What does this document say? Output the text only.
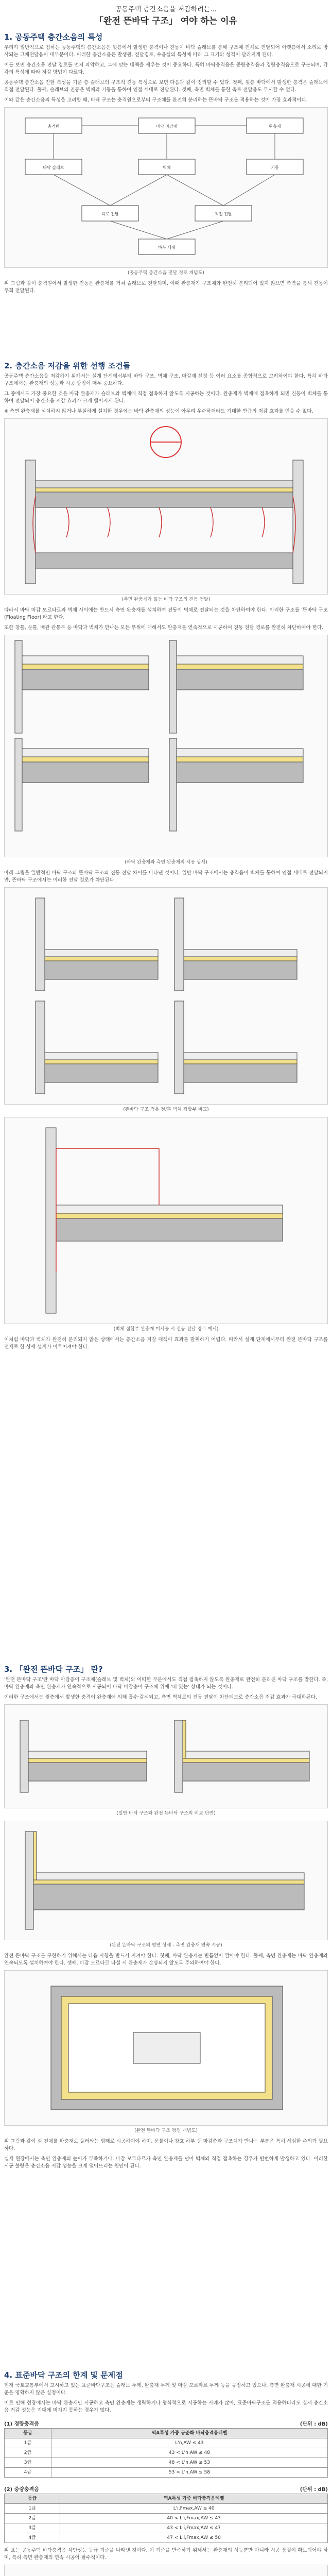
공동주택 층간소음을 저감하려는...

「완전 뜬바닥 구조」 여야 하는 이유

1. 공동주택 층간소음의 특성

우리가 일반적으로 접하는 공동주택의 층간소음은 윗층에서 발생한 충격이나 진동이 바닥 슬래브를 통해 구조체 전체로 전달되어 아랫층에서 소리로 방사되는 고체전달음이 대부분이다. 이러한 층간소음은 발생원, 전달경로, 수음실의 특성에 따라 그 크기와 성격이 달라지게 된다.

이를 보면 층간소음 전달 경로를 먼저 파악하고, 그에 맞는 대책을 세우는 것이 중요하다. 특히 바닥충격음은 중량충격음과 경량충격음으로 구분되며, 각각의 특성에 따라 저감 방법이 다르다.

공동주택 층간소음 전달 특성을 기준 층 슬래브의 구조적 진동 특성으로 보면 다음과 같이 정리할 수 있다. 첫째, 윗층 바닥에서 발생한 충격은 슬래브에 직접 전달된다. 둘째, 슬래브의 진동은 벽체와 기둥을 통하여 인접 세대로 전달된다. 셋째, 측면 벽체를 통한 측로 전달음도 무시할 수 없다.

이와 같은 층간소음의 특성을 고려할 때, 바닥 구조는 충격원으로부터 구조체를 완전히 분리하는 뜬바닥 구조를 적용하는 것이 가장 효과적이다.

충격원	바닥 마감재	완충재
바닥 슬래브	벽체	기둥
측로 전달	직접 전달
하부 세대

(공동주택 층간소음 전달 경로 개념도)

위 그림과 같이 충격원에서 발생한 진동은 완충재를 거쳐 슬래브로 전달되며, 이때 완충재가 구조체와 완전히 분리되어 있지 않으면 측벽을 통해 진동이 우회 전달된다.

2. 층간소음 저감을 위한 선행 조건들

공동주택 층간소음을 저감하기 위해서는 설계 단계에서부터 바닥 구조, 벽체 구조, 마감재 선정 등 여러 요소를 종합적으로 고려하여야 한다. 특히 바닥 구조에서는 완충재의 성능과 시공 방법이 매우 중요하다.

그 중에서도 가장 중요한 것은 바닥 완충재가 슬래브와 벽체에 직접 접촉하지 않도록 시공하는 것이다. 완충재가 벽체에 접촉하게 되면 진동이 벽체를 통하여 전달되어 층간소음 저감 효과가 크게 떨어지게 된다.

※ 측면 완충재를 설치하지 않거나 부실하게 설치한 경우에는 바닥 완충재의 성능이 아무리 우수하더라도 기대한 만큼의 저감 효과를 얻을 수 없다.

(측면 완충재가 없는 바닥 구조의 진동 전달)

따라서 바닥 마감 모르타르와 벽체 사이에는 반드시 측면 완충재를 설치하여 진동이 벽체로 전달되는 것을 차단하여야 한다. 이러한 구조를 '뜬바닥 구조(Floating Floor)'라고 한다.

또한 창틀, 문틀, 배관 관통부 등 바닥과 벽체가 만나는 모든 부위에 대해서도 완충재를 연속적으로 시공하여 진동 전달 경로를 완전히 차단하여야 한다.

(바닥 완충재와 측면 완충재의 시공 상세)

아래 그림은 일반적인 바닥 구조와 뜬바닥 구조의 진동 전달 차이를 나타낸 것이다. 일반 바닥 구조에서는 충격음이 벽체를 통하여 인접 세대로 전달되지만, 뜬바닥 구조에서는 이러한 전달 경로가 차단된다.

(뜬바닥 구조 적용 전/후 벽체 접합부 비교)

(벽체 접합부 완충재 미시공 시 진동 전달 경로 예시)

이처럼 바닥과 벽체가 완전히 분리되지 않은 상태에서는 층간소음 저감 대책이 효과를 발휘하기 어렵다. 따라서 설계 단계에서부터 완전 뜬바닥 구조를 전제로 한 상세 설계가 이루어져야 한다.

3. 「완전 뜬바닥 구조」 란?

'완전 뜬바닥 구조'란 바닥 마감층이 구조체(슬래브 및 벽체)와 어떠한 부분에서도 직접 접촉하지 않도록 완충재로 완전히 분리된 바닥 구조를 말한다. 즉, 바닥 완충재와 측면 완충재가 연속적으로 시공되어 바닥 마감층이 구조체 위에 '떠 있는' 상태가 되는 것이다.

이러한 구조에서는 윗층에서 발생한 충격이 완충재에 의해 흡수·감쇠되고, 측면 벽체로의 진동 전달이 차단되므로 층간소음 저감 효과가 극대화된다.

(일반 바닥 구조와 완전 뜬바닥 구조의 비교 단면)

(완전 뜬바닥 구조의 평면 상세 - 측면 완충재 연속 시공)

완전 뜬바닥 구조를 구현하기 위해서는 다음 사항을 반드시 지켜야 한다. 첫째, 바닥 완충재는 빈틈없이 깔아야 한다. 둘째, 측면 완충재는 바닥 완충재와 연속되도록 설치하여야 한다. 셋째, 마감 모르타르 타설 시 완충재가 손상되지 않도록 주의하여야 한다.

(완전 뜬바닥 구조 평면 개념도)

위 그림과 같이 실 전체를 완충재로 둘러싸는 형태로 시공하여야 하며, 문틀이나 창호 하부 등 마감층과 구조체가 만나는 부분은 특히 세심한 주의가 필요하다.

실제 현장에서는 측면 완충재의 높이가 부족하거나, 마감 모르타르가 측면 완충재를 넘어 벽체와 직접 접촉하는 경우가 빈번하게 발생하고 있다. 이러한 시공 불량은 층간소음 저감 성능을 크게 떨어뜨리는 원인이 된다.

4. 표준바닥 구조의 한계 및 문제점

현재 국토교통부에서 고시하고 있는 표준바닥구조는 슬래브 두께, 완충재 두께 및 마감 모르타르 두께 등을 규정하고 있으나, 측면 완충재 시공에 대한 기준은 명확하지 않은 실정이다.

이로 인해 현장에서는 바닥 완충재만 시공하고 측면 완충재는 생략하거나 형식적으로 시공하는 사례가 많아, 표준바닥구조를 적용하더라도 실제 층간소음 저감 성능은 기대에 미치지 못하는 경우가 많다.

(1) 경량충격음	(단위 : dB)
등급	역A특성 가중 규준화 바닥충격음레벨
1급	L'n,AW ≤ 43
2급	43 < L'n,AW ≤ 48
3급	48 < L'n,AW ≤ 53
4급	53 < L'n,AW ≤ 58
(2) 중량충격음	(단위 : dB)
등급	역A특성 가중 바닥충격음레벨
1급	L'i,Fmax,AW ≤ 40
2급	40 < L'i,Fmax,AW ≤ 43
3급	43 < L'i,Fmax,AW ≤ 47
4급	47 < L'i,Fmax,AW ≤ 50

위 표는 공동주택 바닥충격음 차단성능 등급 기준을 나타낸 것이다. 이 기준을 만족하기 위해서는 완충재의 성능뿐만 아니라 시공 품질이 확보되어야 하며, 특히 측면 완충재의 연속 시공이 필수적이다.
